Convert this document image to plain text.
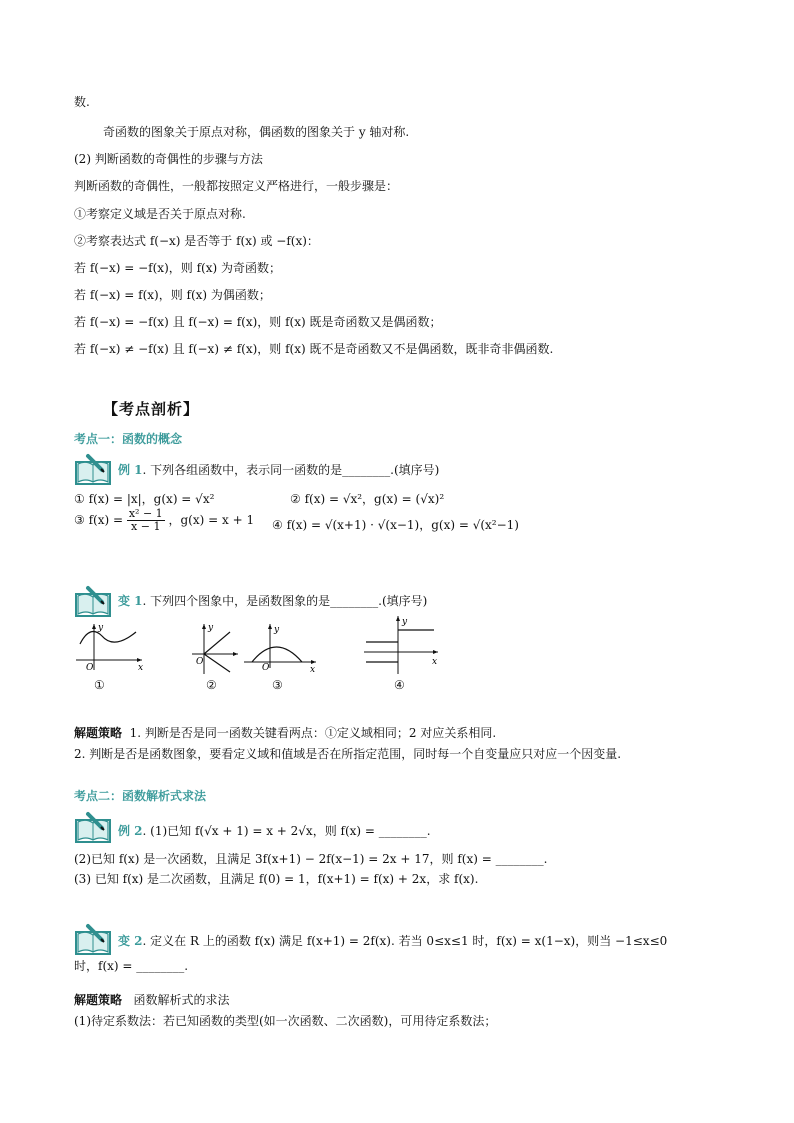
数.
奇函数的图象关于原点对称，偶函数的图象关于 y 轴对称.
(2) 判断函数的奇偶性的步骤与方法
判断函数的奇偶性，一般都按照定义严格进行，一般步骤是：
①考察定义域是否关于原点对称.
②考察表达式 f(−x) 是否等于 f(x) 或 −f(x)：
若 f(−x) = −f(x)，则 f(x) 为奇函数；
若 f(−x) = f(x)，则 f(x) 为偶函数；
若 f(−x) = −f(x) 且 f(−x) = f(x)，则 f(x) 既是奇函数又是偶函数；
若 f(−x) ≠ −f(x) 且 f(−x) ≠ f(x)，则 f(x) 既不是奇函数又不是偶函数，既非奇非偶函数.
【考点剖析】
考点一：函数的概念
例 1. 下列各组函数中，表示同一函数的是________.(填序号)
① f(x) = |x|，g(x) = √x²	② f(x) = √x²，g(x) = (√x)²
③ $f(x) = \frac{\text{x² − 1}}{x - 1}$ ，g(x) = x + 1 ④ f(x) = √(x+1) · √(x−1)，g(x) = √(x²−1)
变 1. 下列四个图象中，是函数图象的是________.(填序号)
y
x
O
y
O
y
x
O
y
x
①	②	③	④
解题策略 1. 判断是否是同一函数关键看两点：①定义域相同；2 对应关系相同.
2. 判断是否是函数图象，要看定义域和值域是否在所指定范围，同时每一个自变量应只对应一个因变量.
考点二：函数解析式求法
例 2. (1)已知 f(√x + 1) = x + 2√x，则 f(x) = ________.
(2)已知 f(x) 是一次函数，且满足 3f(x+1) − 2f(x−1) = 2x + 17，则 f(x) = ________.
(3) 已知 f(x) 是二次函数，且满足 f(0) = 1，f(x+1) = f(x) + 2x，求 f(x).
变 2. 定义在 R 上的函数 f(x) 满足 f(x+1) = 2f(x). 若当 0≤x≤1 时，f(x) = x(1−x)，则当 −1≤x≤0
时，f(x) = ________.
解题策略 函数解析式的求法
(1)待定系数法：若已知函数的类型(如一次函数、二次函数)，可用待定系数法；
